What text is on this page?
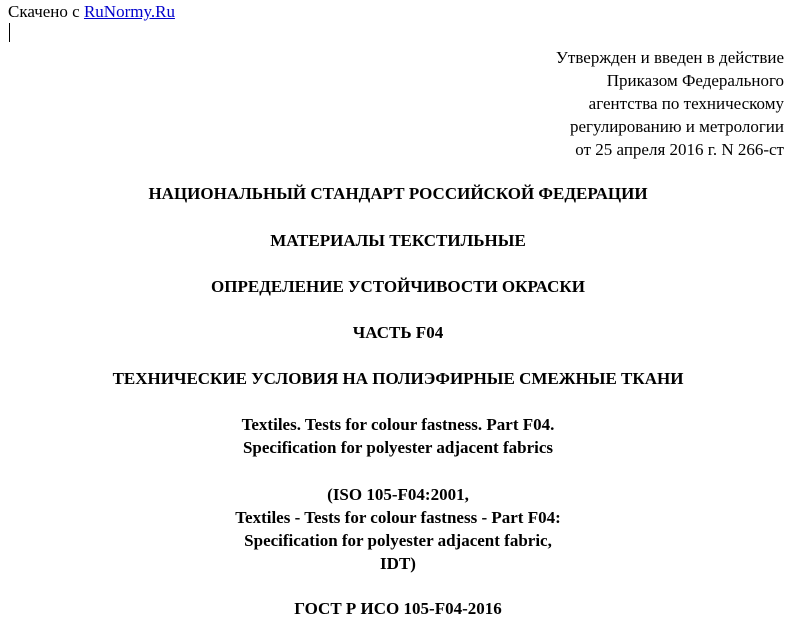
Скачено с RuNormy.Ru
Утвержден и введен в действие
Приказом Федерального
агентства по техническому
регулированию и метрологии
от 25 апреля 2016 г. N 266-ст
НАЦИОНАЛЬНЫЙ СТАНДАРТ РОССИЙСКОЙ ФЕДЕРАЦИИ
МАТЕРИАЛЫ ТЕКСТИЛЬНЫЕ
ОПРЕДЕЛЕНИЕ УСТОЙЧИВОСТИ ОКРАСКИ
ЧАСТЬ F04
ТЕХНИЧЕСКИЕ УСЛОВИЯ НА ПОЛИЭФИРНЫЕ СМЕЖНЫЕ ТКАНИ
Textiles. Tests for colour fastness. Part F04.
Specification for polyester adjacent fabrics
(ISO 105-F04:2001,
Textiles - Tests for colour fastness - Part F04:
Specification for polyester adjacent fabric,
IDT)
ГОСТ Р ИСО 105-F04-2016
